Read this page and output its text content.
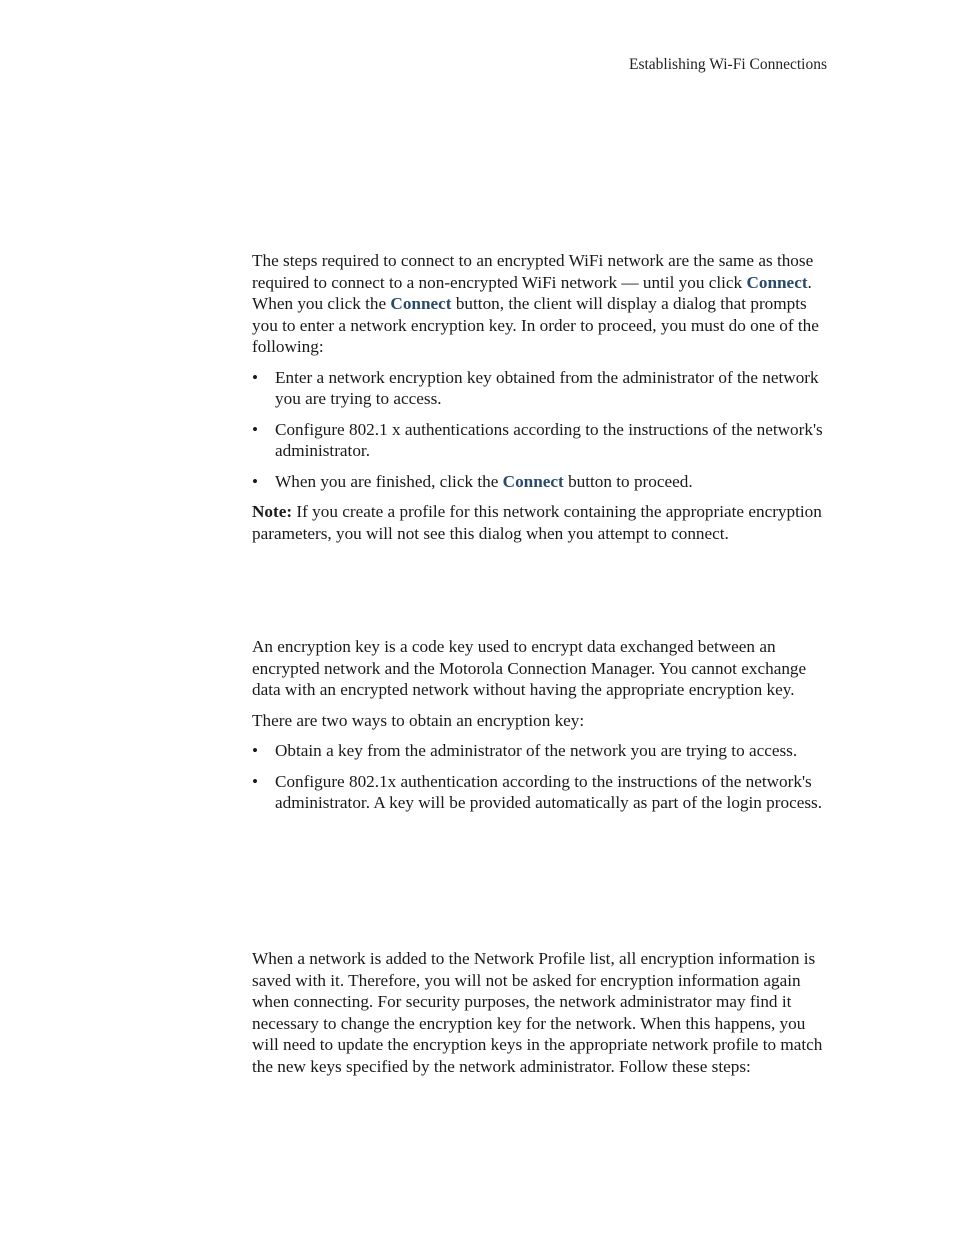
Establishing Wi-Fi Connections

The steps required to connect to an encrypted WiFi network are the same as those required to connect to a non-encrypted WiFi network — until you click Connect. When you click the Connect button, the client will display a dialog that prompts you to enter a network encryption key. In order to proceed, you must do one of the following:

• Enter a network encryption key obtained from the administrator of the network you are trying to access.
• Configure 802.1 x authentications according to the instructions of the network's administrator.
• When you are finished, click the Connect button to proceed.

Note: If you create a profile for this network containing the appropriate encryption parameters, you will not see this dialog when you attempt to connect.

An encryption key is a code key used to encrypt data exchanged between an encrypted network and the Motorola Connection Manager. You cannot exchange data with an encrypted network without having the appropriate encryption key.

There are two ways to obtain an encryption key:

• Obtain a key from the administrator of the network you are trying to access.
• Configure 802.1x authentication according to the instructions of the network's administrator. A key will be provided automatically as part of the login process.

When a network is added to the Network Profile list, all encryption information is saved with it. Therefore, you will not be asked for encryption information again when connecting. For security purposes, the network administrator may find it necessary to change the encryption key for the network. When this happens, you will need to update the encryption keys in the appropriate network profile to match the new keys specified by the network administrator. Follow these steps:
